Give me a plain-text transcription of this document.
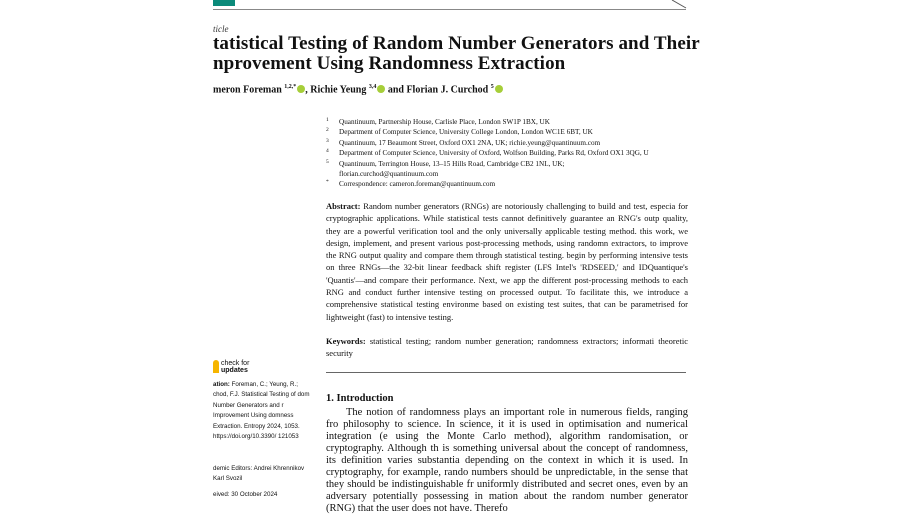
ticle
tatistical Testing of Random Number Generators and Their
nprovement Using Randomness Extraction
meron Foreman $^{1,2,*}$ , Richie Yeung $^{3,4}$ and Florian J. Curchod $^5$
1 Quantinuum, Partnership House, Carlisle Place, London SW1P 1BX, UK
2 Department of Computer Science, University College London, London WC1E 6BT, UK
3 Quantinuum, 17 Beaumont Street, Oxford OX1 2NA, UK; richie.yeung@quantinuum.com
4 Department of Computer Science, University of Oxford, Wolfson Building, Parks Rd, Oxford OX1 3QG, U
5 Quantinuum, Terrington House, 13–15 Hills Road, Cambridge CB2 1NL, UK;
florian.curchod@quantinuum.com
* Correspondence: cameron.foreman@quantinuum.com
Abstract: Random number generators (RNGs) are notoriously challenging to build and test, especia for cryptographic applications. While statistical tests cannot definitively guarantee an RNG's outp quality, they are a powerful verification tool and the only universally applicable testing method. this work, we design, implement, and present various post-processing methods, using randomn extractors, to improve the RNG output quality and compare them through statistical testing. begin by performing intensive tests on three RNGs—the 32-bit linear feedback shift register (LFS Intel's 'RDSEED,' and IDQuantique's 'Quantis'—and compare their performance. Next, we app the different post-processing methods to each RNG and conduct further intensive testing on processed output. To facilitate this, we introduce a comprehensive statistical testing environme based on existing test suites, that can be parametrised for lightweight (fast) to intensive testing.
Keywords: statistical testing; random number generation; randomness extractors; informati theoretic security
1. Introduction
The notion of randomness plays an important role in numerous fields, ranging fro philosophy to science. In science, it it is used in optimisation and numerical integration (e using the Monte Carlo method), algorithm randomisation, or cryptography. Although th is something universal about the concept of randomness, its definition varies substantia depending on the context in which it is used. In cryptography, for example, rando numbers should be unpredictable, in the sense that they should be indistinguishable fr uniformly distributed and secret ones, even by an adversary potentially possessing in mation about the random number generator (RNG) that the user does not have. Therefo
check for
updates
ation: Foreman, C.; Yeung, R.; chod, F.J. Statistical Testing of dom Number Generators and r Improvement Using domness Extraction. Entropy 2024, 1053. https://doi.org/10.3390/ 121053
demic Editors: Andrei Khrennikov Karl Svozil
eived: 30 October 2024
